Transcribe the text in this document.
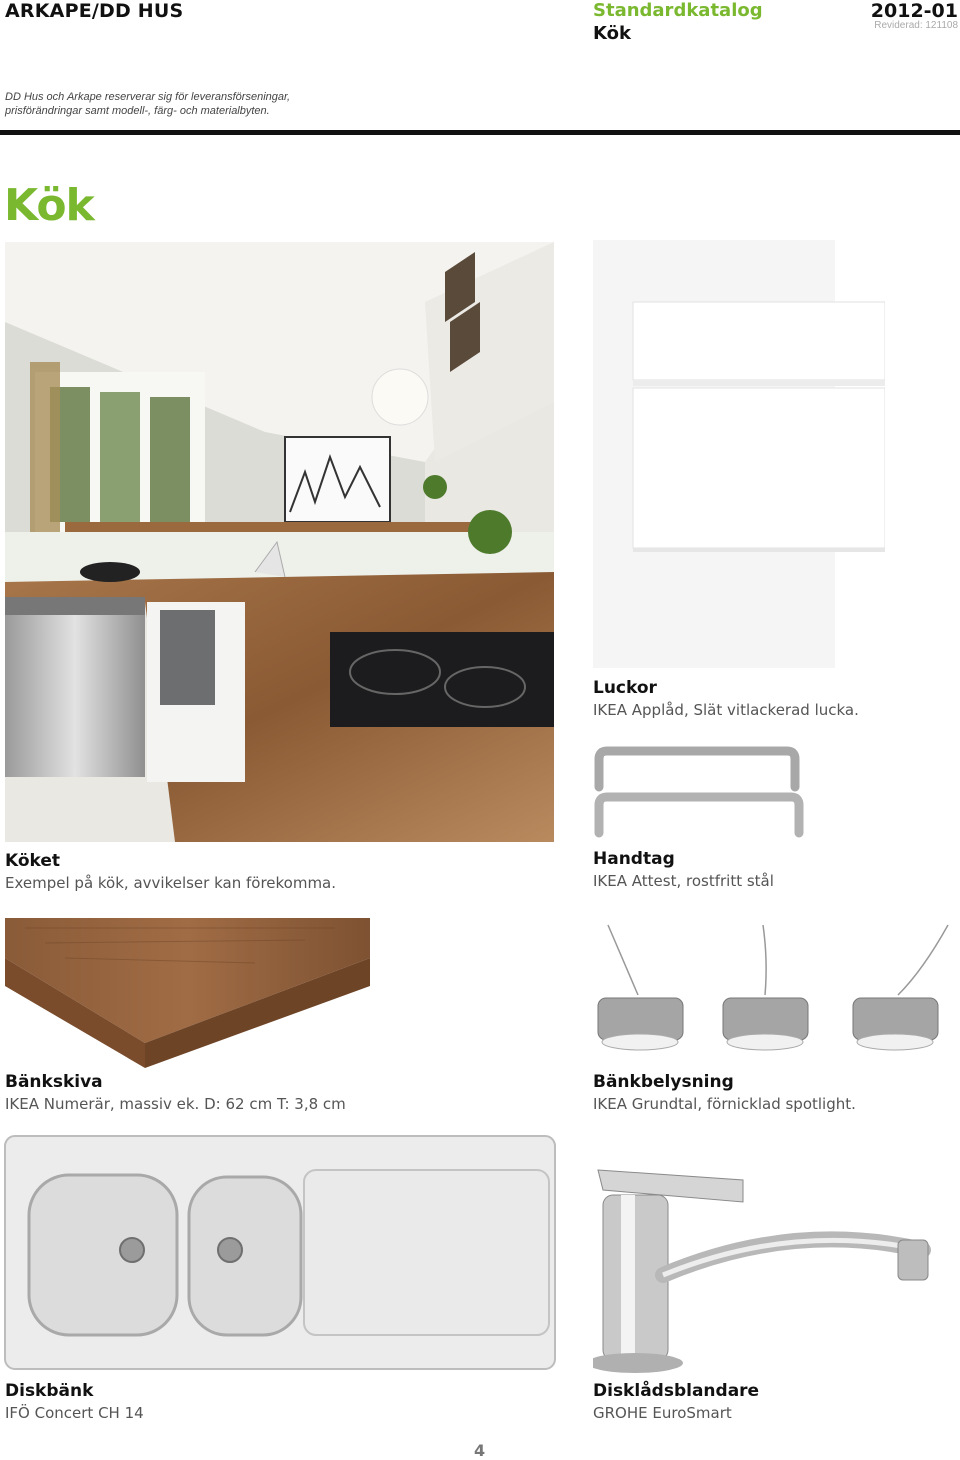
ARKAPE/DD HUS	Standardkatalog
Kök
2012-01
Reviderad: 121108
DD Hus och Arkape reserverar sig för leveransförseningar,
prisförändringar samt modell-, färg- och materialbyten.
Kök
Köket
Exempel på kök, avvikelser kan förekomma.
Luckor
IKEA Applåd, Slät vitlackerad lucka.
Handtag
IKEA Attest, rostfritt stål
Bänkskiva
IKEA Numerär, massiv ek. D: 62 cm T: 3,8 cm
Bänkbelysning
IKEA Grundtal, förnicklad spotlight.
Diskbänk
IFÖ Concert CH 14
Disklådsblandare
GROHE EuroSmart
4
